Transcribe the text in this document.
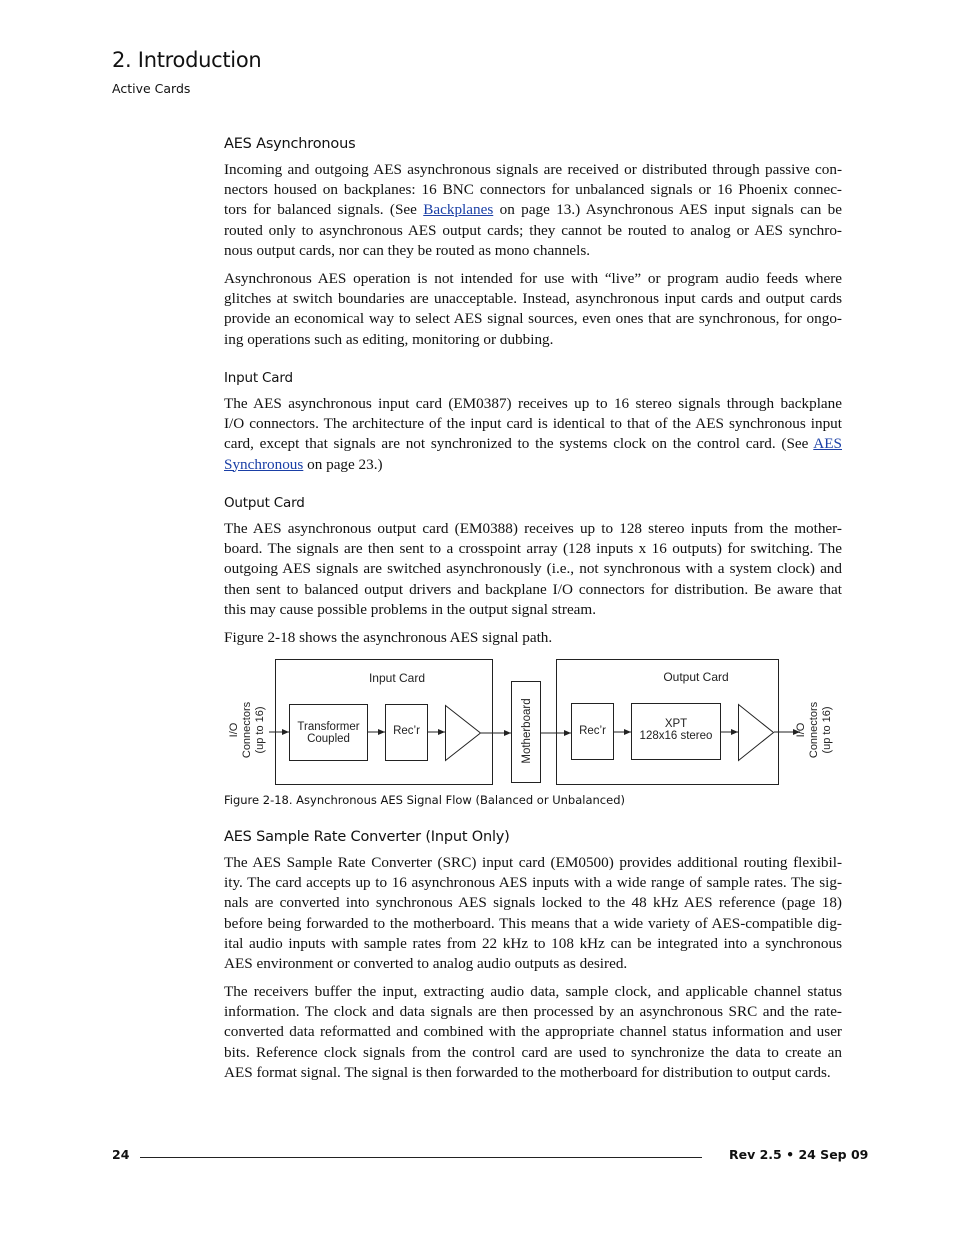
2. Introduction
Active Cards
AES Asynchronous
Incoming and outgoing AES asynchronous signals are received or distributed through passive con-
nectors housed on backplanes: 16 BNC connectors for unbalanced signals or 16 Phoenix connec-
tors for balanced signals. (See Backplanes on page 13.) Asynchronous AES input signals can be
routed only to asynchronous AES output cards; they cannot be routed to analog or AES synchro-
nous output cards, nor can they be routed as mono channels.
Asynchronous AES operation is not intended for use with “live” or program audio feeds where
glitches at switch boundaries are unacceptable. Instead, asynchronous input cards and output cards
provide an economical way to select AES signal sources, even ones that are synchronous, for ongo-
ing operations such as editing, monitoring or dubbing.
Input Card
The AES asynchronous input card (EM0387) receives up to 16 stereo signals through backplane
I/O connectors. The architecture of the input card is identical to that of the AES synchronous input
card, except that signals are not synchronized to the systems clock on the control card. (See AES
Synchronous on page 23.)
Output Card
The AES asynchronous output card (EM0388) receives up to 128 stereo inputs from the mother-
board. The signals are then sent to a crosspoint array (128 inputs x 16 outputs) for switching. The
outgoing AES signals are switched asynchronously (i.e., not synchronous with a system clock) and
then sent to balanced output drivers and backplane I/O connectors for distribution. Be aware that
this may cause possible problems in the output signal stream.
Figure 2-18 shows the asynchronous AES signal path.
I/O Connectors (up to 16)
Input Card
Transformer
Coupled
Rec’r	Motherboard
Output Card
Rec’r
XPT
128x16 stereo	I/O Connectors (up to 16)
Figure 2-18. Asynchronous AES Signal Flow (Balanced or Unbalanced)
AES Sample Rate Converter (Input Only)
The AES Sample Rate Converter (SRC) input card (EM0500) provides additional routing flexibil-
ity. The card accepts up to 16 asynchronous AES inputs with a wide range of sample rates. The sig-
nals are converted into synchronous AES signals locked to the 48 kHz AES reference (page 18)
before being forwarded to the motherboard. This means that a wide variety of AES-compatible dig-
ital audio inputs with sample rates from 22 kHz to 108 kHz can be integrated into a synchronous
AES environment or converted to analog audio outputs as desired.
The receivers buffer the input, extracting audio data, sample clock, and applicable channel status
information. The clock and data signals are then processed by an asynchronous SRC and the rate-
converted data reformatted and combined with the appropriate channel status information and user
bits. Reference clock signals from the control card are used to synchronize the data to create an
AES format signal. The signal is then forwarded to the motherboard for distribution to output cards.
24	Rev 2.5 • 24 Sep 09
